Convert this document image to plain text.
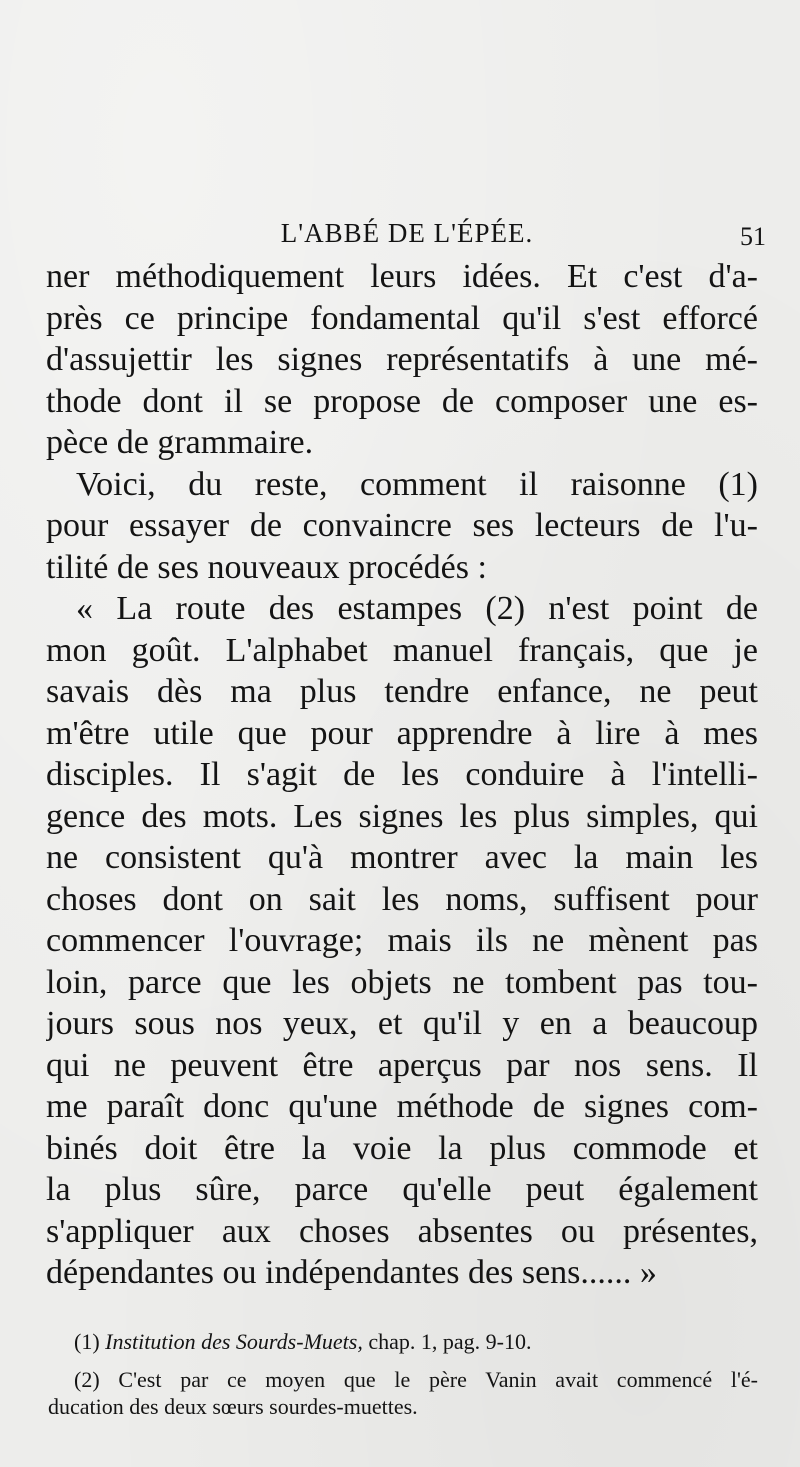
L'ABBÉ DE L'ÉPÉE.	51
ner méthodiquement leurs idées. Et c'est d'a-
près ce principe fondamental qu'il s'est efforcé
d'assujettir les signes représentatifs à une mé-
thode dont il se propose de composer une es-
pèce de grammaire.
Voici, du reste, comment il raisonne (1)
pour essayer de convaincre ses lecteurs de l'u-
tilité de ses nouveaux procédés :
« La route des estampes (2) n'est point de
mon goût. L'alphabet manuel français, que je
savais dès ma plus tendre enfance, ne peut
m'être utile que pour apprendre à lire à mes
disciples. Il s'agit de les conduire à l'intelli-
gence des mots. Les signes les plus simples, qui
ne consistent qu'à montrer avec la main les
choses dont on sait les noms, suffisent pour
commencer l'ouvrage; mais ils ne mènent pas
loin, parce que les objets ne tombent pas tou-
jours sous nos yeux, et qu'il y en a beaucoup
qui ne peuvent être aperçus par nos sens. Il
me paraît donc qu'une méthode de signes com-
binés doit être la voie la plus commode et
la plus sûre, parce qu'elle peut également
s'appliquer aux choses absentes ou présentes,
dépendantes ou indépendantes des sens...... »
(1) Institution des Sourds-Muets, chap. 1, pag. 9-10.
(2) C'est par ce moyen que le père Vanin avait commencé l'é-
ducation des deux sœurs sourdes-muettes.
